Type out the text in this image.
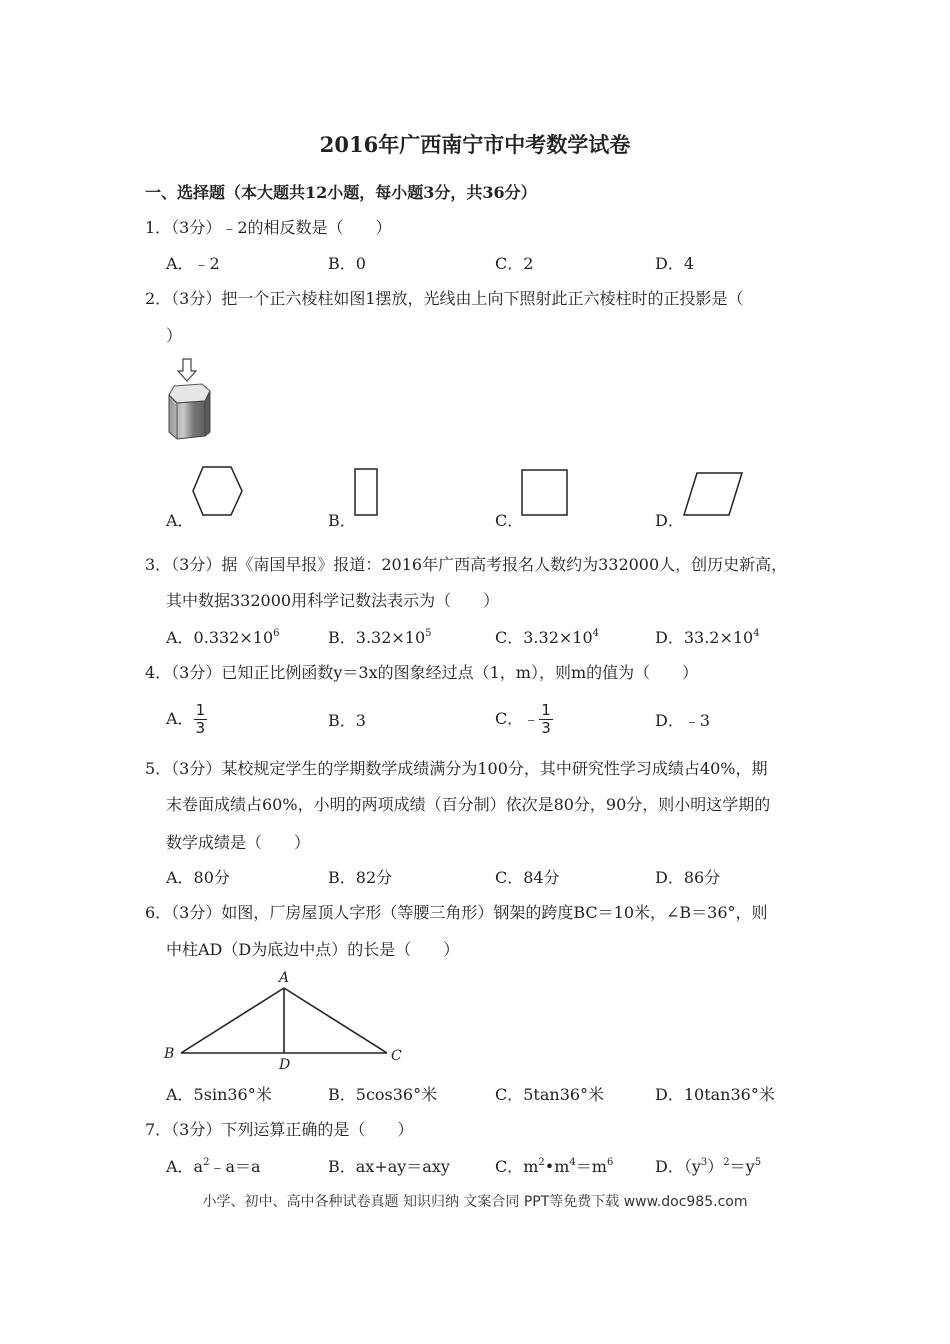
2016年广西南宁市中考数学试卷
一、选择题（本大题共12小题，每小题3分，共36分）
1．（3分）﹣2的相反数是（　　）
A．﹣2	B．0	C．2	D．4
2．（3分）把一个正六棱柱如图1摆放，光线由上向下照射此正六棱柱时的正投影是（
）
A．	B．	C．	D．
3．（3分）据《南国早报》报道：2016年广西高考报名人数约为332000人，创历史新高，
其中数据332000用科学记数法表示为（　　）
A．$0.332\times 10^6$	B．$3.32\times 10^5$	C．$3.32\times 10^4$	D．$33.2\times 10^4$
4．（3分）已知正比例函数y＝3x的图象经过点（1，m），则m的值为（　　）
A． $\frac{1}{3}$	B．3	C．﹣ $\frac{1}{3}$	D．﹣3
5．（3分）某校规定学生的学期数学成绩满分为100分，其中研究性学习成绩占40%，期
末卷面成绩占60%，小明的两项成绩（百分制）依次是80分，90分，则小明这学期的
数学成绩是（　　）
A．80分	B．82分	C．84分	D．86分
6．（3分）如图，厂房屋顶人字形（等腰三角形）钢架的跨度BC＝10米，∠B＝36°，则
中柱AD（D为底边中点）的长是（　　）
A
B	C
D
A．5sin36°米	B．5cos36°米	C．5tan36°米	D．10tan36°米
7．（3分）下列运算正确的是（　　）
A．$a^2﹣a=a$	B．ax+ay＝axy	C．$m^2•m^4=m^6$	D．$(y^3)^2=y^5$
小学、初中、高中各种试卷真题 知识归纳 文案合同 PPT等免费下载 www.doc985.com
